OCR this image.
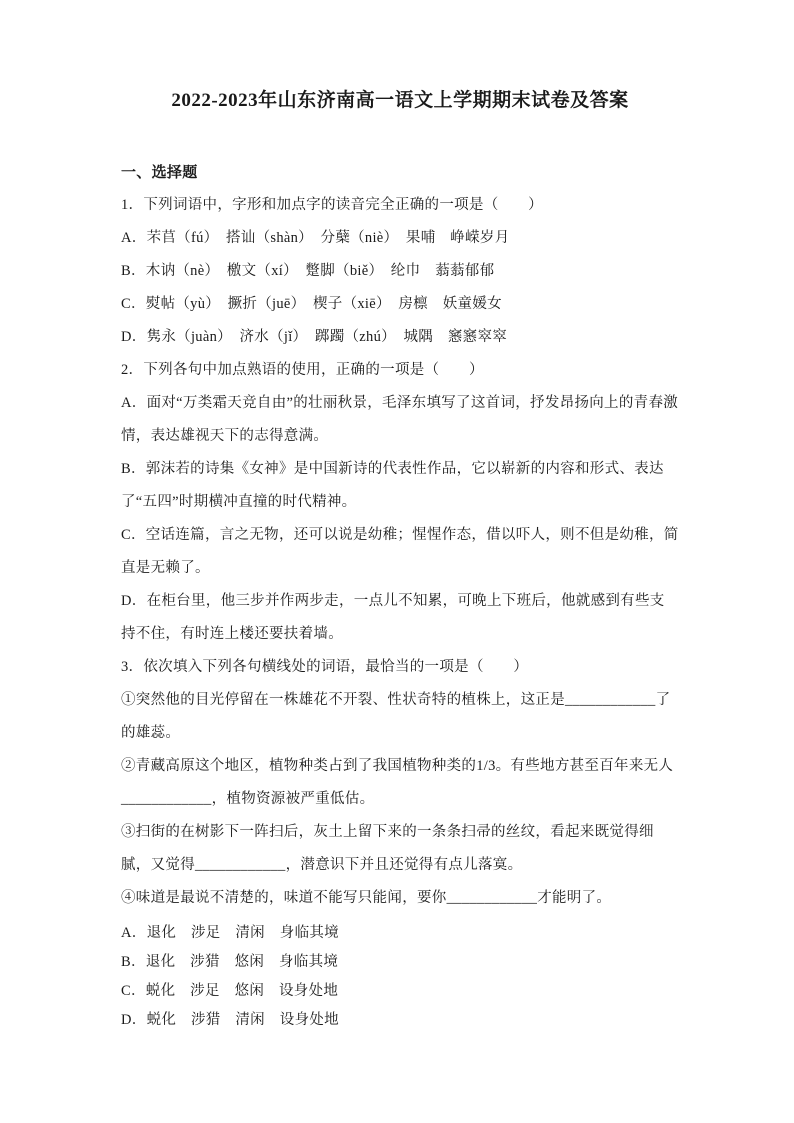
2022-2023年山东济南高一语文上学期期末试卷及答案

一、选择题

1．下列词语中，字形和加点字的读音完全正确的一项是（　　）

A．芣苢（fú）　搭讪（shàn）　分蘖（niè）　果哺　峥嵘岁月

B．木讷（nè）　檄文（xí）　蹩脚（biě）　纶巾　蓊蓊郁郁

C．熨帖（yù）　撅折（juē）　楔子（xiē）　房檩　妖童媛女

D．隽永（juàn）　济水（jǐ）　踯躅（zhú）　城隅　窸窸窣窣

2．下列各句中加点熟语的使用，正确的一项是（　　）

A．面对“万类霜天竞自由”的壮丽秋景，毛泽东填写了这首词，抒发昂扬向上的青春激情，表达雄视天下的志得意满。

B．郭沫若的诗集《女神》是中国新诗的代表性作品，它以崭新的内容和形式、表达了“五四”时期横冲直撞的时代精神。

C．空话连篇，言之无物，还可以说是幼稚；惺惺作态，借以吓人，则不但是幼稚，简直是无赖了。

D．在柜台里，他三步并作两步走，一点儿不知累，可晚上下班后，他就感到有些支持不住，有时连上楼还要扶着墙。

3．依次填入下列各句横线处的词语，最恰当的一项是（　　）

①突然他的目光停留在一株雄花不开裂、性状奇特的植株上，这正是____________了的雄蕊。

②青藏高原这个地区，植物种类占到了我国植物种类的1/3。有些地方甚至百年来无人____________，植物资源被严重低估。

③扫街的在树影下一阵扫后，灰土上留下来的一条条扫帚的丝纹，看起来既觉得细腻，又觉得____________，潜意识下并且还觉得有点儿落寞。

④味道是最说不清楚的，味道不能写只能闻，要你____________才能明了。

A．退化　涉足　清闲　身临其境

B．退化　涉猎　悠闲　身临其境

C．蜕化　涉足　悠闲　设身处地

D．蜕化　涉猎　清闲　设身处地
